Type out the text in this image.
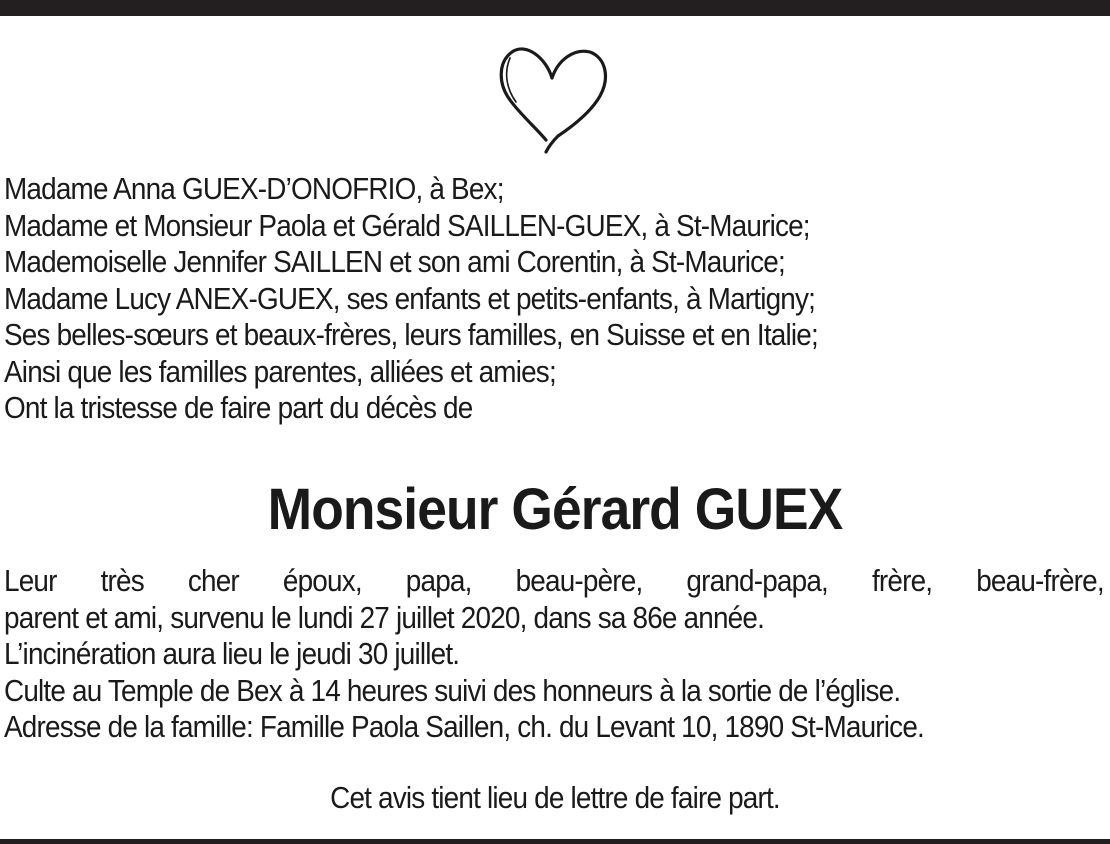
Madame Anna GUEX-D’ONOFRIO, à Bex;
Madame et Monsieur Paola et Gérald SAILLEN-GUEX, à St-Maurice;
Mademoiselle Jennifer SAILLEN et son ami Corentin, à St-Maurice;
Madame Lucy ANEX-GUEX, ses enfants et petits-enfants, à Martigny;
Ses belles-sœurs et beaux-frères, leurs familles, en Suisse et en Italie;
Ainsi que les familles parentes, alliées et amies;
Ont la tristesse de faire part du décès de
Monsieur Gérard GUEX
Leur très cher époux, papa, beau-père, grand-papa, frère, beau-frère,
parent et ami, survenu le lundi 27 juillet 2020, dans sa 86e année.
L’incinération aura lieu le jeudi 30 juillet.
Culte au Temple de Bex à 14 heures suivi des honneurs à la sortie de l’église.
Adresse de la famille: Famille Paola Saillen, ch. du Levant 10, 1890 St-Maurice.
Cet avis tient lieu de lettre de faire part.
